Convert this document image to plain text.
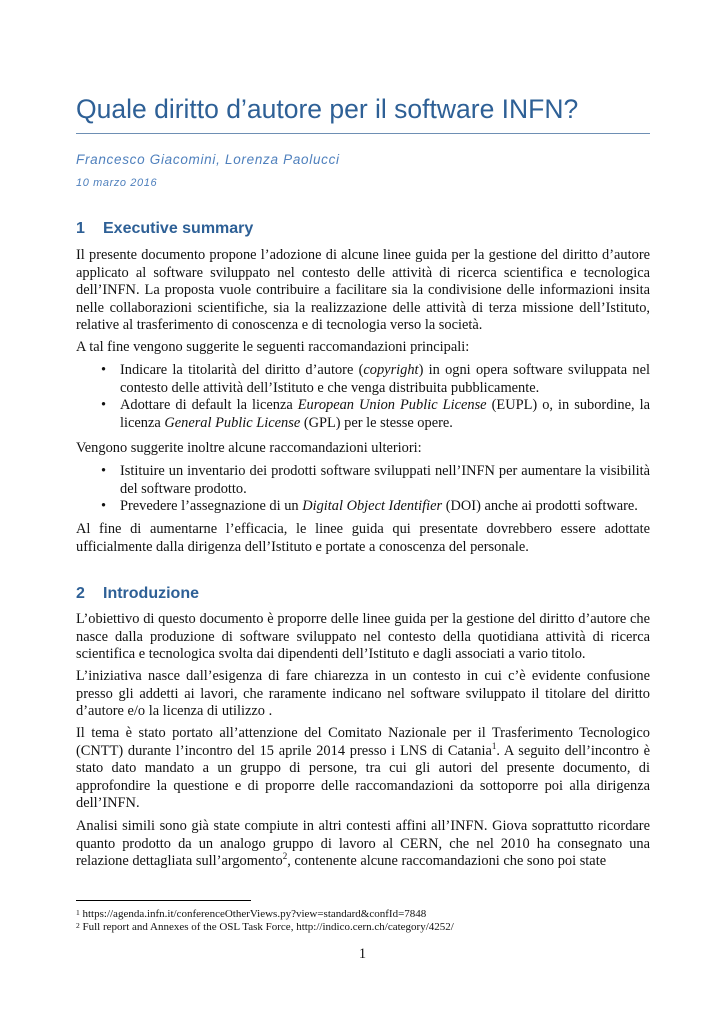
Quale diritto d’autore per il software INFN?
Francesco Giacomini, Lorenza Paolucci
10 marzo 2016
1 Executive summary
Il presente documento propone l’adozione di alcune linee guida per la gestione del diritto d’autore applicato al software sviluppato nel contesto delle attività di ricerca scientifica e tecnologica dell’INFN. La proposta vuole contribuire a facilitare sia la condivisione delle informazioni insita nelle collaborazioni scientifiche, sia la realizzazione delle attività di terza missione dell’Istituto, relative al trasferimento di conoscenza e di tecnologia verso la società.
A tal fine vengono suggerite le seguenti raccomandazioni principali:
• Indicare la titolarità del diritto d’autore (copyright) in ogni opera software sviluppata nel contesto delle attività dell’Istituto e che venga distribuita pubblicamente.
• Adottare di default la licenza European Union Public License (EUPL) o, in subordine, la licenza General Public License (GPL) per le stesse opere.
Vengono suggerite inoltre alcune raccomandazioni ulteriori:
• Istituire un inventario dei prodotti software sviluppati nell’INFN per aumentare la visibilità del software prodotto.
• Prevedere l’assegnazione di un Digital Object Identifier (DOI) anche ai prodotti software.
Al fine di aumentarne l’efficacia, le linee guida qui presentate dovrebbero essere adottate ufficialmente dalla dirigenza dell’Istituto e portate a conoscenza del personale.
2 Introduzione
L’obiettivo di questo documento è proporre delle linee guida per la gestione del diritto d’autore che nasce dalla produzione di software sviluppato nel contesto della quotidiana attività di ricerca scientifica e tecnologica svolta dai dipendenti dell’Istituto e dagli associati a vario titolo.
L’iniziativa nasce dall’esigenza di fare chiarezza in un contesto in cui c’è evidente confusione presso gli addetti ai lavori, che raramente indicano nel software sviluppato il titolare del diritto d’autore e/o la licenza di utilizzo .
Il tema è stato portato all’attenzione del Comitato Nazionale per il Trasferimento Tecnologico (CNTT) durante l’incontro del 15 aprile 2014 presso i LNS di Catania$^1$. A seguito dell’incontro è stato dato mandato a un gruppo di persone, tra cui gli autori del presente documento, di approfondire la questione e di proporre delle raccomandazioni da sottoporre poi alla dirigenza dell’INFN.
Analisi simili sono già state compiute in altri contesti affini all’INFN. Giova soprattutto ricordare quanto prodotto da un analogo gruppo di lavoro al CERN, che nel 2010 ha consegnato una relazione dettagliata sull’argomento$^2$, contenente alcune raccomandazioni che sono poi state
$^1$ https://agenda.infn.it/conferenceOtherViews.py?view=standard&confId=7848
$^2$ Full report and Annexes of the OSL Task Force, http://indico.cern.ch/category/4252/
1
